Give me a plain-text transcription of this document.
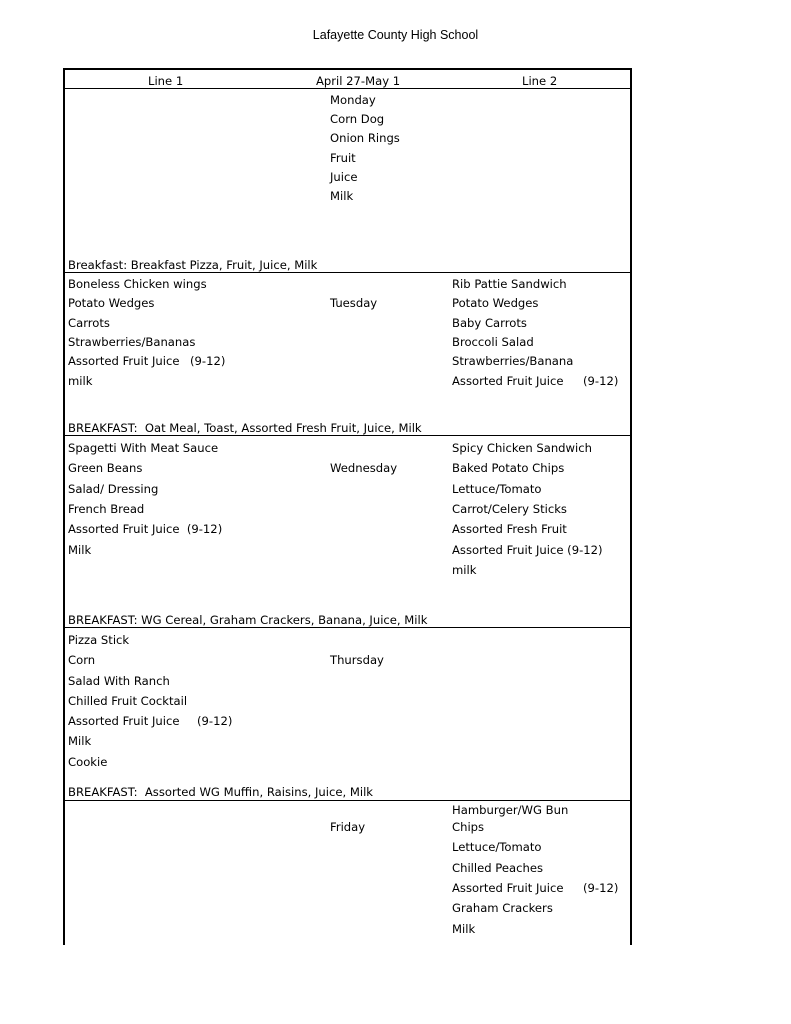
Lafayette County High School
Line 1	April 27-May 1	Line 2
Monday
Corn Dog
Onion Rings
Fruit
Juice
Milk
Breakfast: Breakfast Pizza, Fruit, Juice, Milk
Tuesday
Boneless Chicken wings
Potato Wedges
Carrots
Strawberries/Bananas
Assorted Fruit Juice (9-12)
milk
Rib Pattie Sandwich
Potato Wedges
Baby Carrots
Broccoli Salad
Strawberries/Banana
Assorted Fruit Juice (9-12)
BREAKFAST:  Oat Meal, Toast, Assorted Fresh Fruit, Juice, Milk
Wednesday
Spagetti With Meat Sauce
Green Beans
Salad/ Dressing
French Bread
Assorted Fruit Juice  (9-12)
Milk
Spicy Chicken Sandwich
Baked Potato Chips
Lettuce/Tomato
Carrot/Celery Sticks
Assorted Fresh Fruit
Assorted Fruit Juice (9-12)
milk
BREAKFAST: WG Cereal, Graham Crackers, Banana, Juice, Milk
Thursday
Pizza Stick
Corn
Salad With Ranch
Chilled Fruit Cocktail
Assorted Fruit Juice (9-12)
Milk
Cookie
BREAKFAST:  Assorted WG Muffin, Raisins, Juice, Milk
Friday
Hamburger/WG Bun
Chips
Lettuce/Tomato
Chilled Peaches
Assorted Fruit Juice (9-12)
Graham Crackers
Milk
